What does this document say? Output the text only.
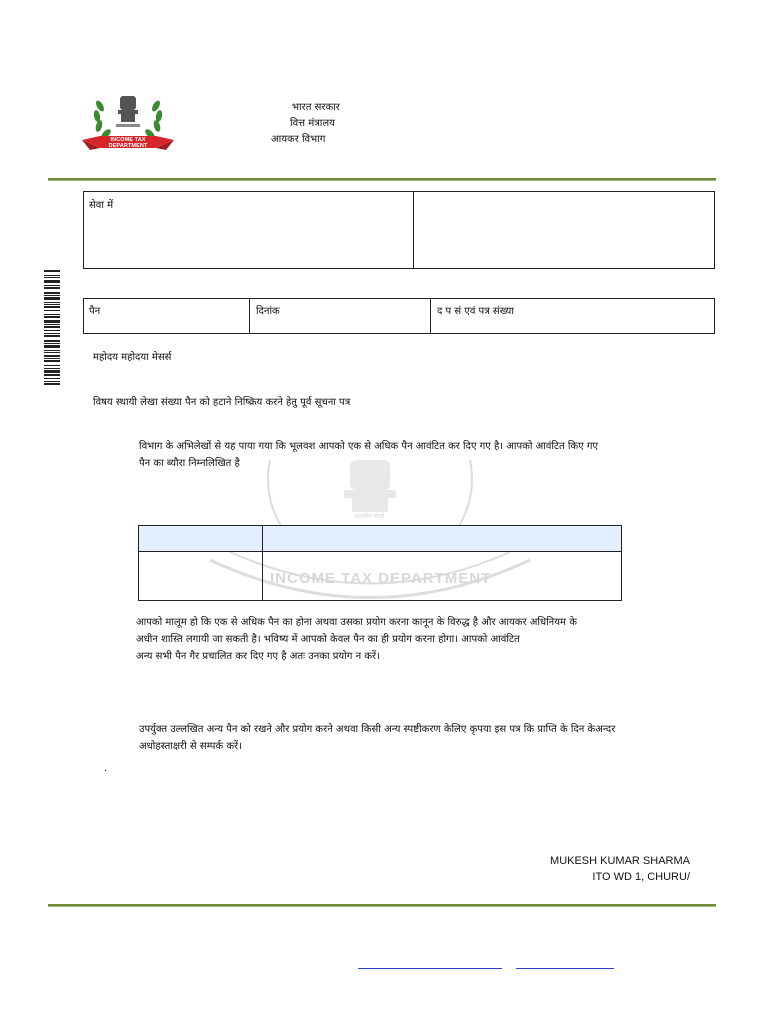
INCOME TAX DEPARTMENT
भारत सरकार
वित्त मंत्रालय
आयकर विभाग
सेवा में
पैन	दिनांक	द प सं एवं पत्र संख्या
महोदय महोदया मेसर्स
विषय स्थायी लेखा संख्या पैन को हटाने निष्क्रिय करने हेतु पूर्व सूचना पत्र
सत्यमेव जयते
INCOME TAX DEPARTMENT
विभाग के अभिलेखों से यह पाया गया कि भूलवश आपको एक से अधिक पैन आवंटित कर दिए गए है। आपको आवंटित किए गए
पैन का ब्यौरा निम्नलिखित है
आपको मालूम हो कि एक से अधिक पैन का होना अथवा उसका प्रयोग करना कानून के विरुद्ध है और आयकर अधिनियम के
अधीन शास्ति लगायी जा सकती है। भविष्य में आपको केवल पैन का ही प्रयोग करना होगा। आपको आवंटित
अन्य सभी पैन गैर प्रचालित कर दिए गए है अतः उनका प्रयोग न करें।
उपर्युक्त उल्लखित अन्य पैन को रखने और प्रयोग करने अथवा किसी अन्य स्पष्टीकरण केलिए कृपया इस पत्र कि प्राप्ति के दिन केअन्दर
अधोहस्ताक्षरी से सम्पर्क करें।
.
MUKESH KUMAR SHARMA
ITO WD 1, CHURU/
